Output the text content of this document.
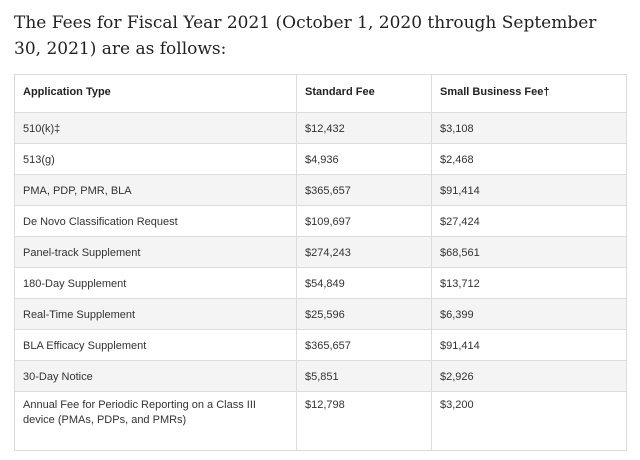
The Fees for Fiscal Year 2021 (October 1, 2020 through September 30, 2021) are as follows:

Application Type	Standard Fee	Small Business Fee†
510(k)‡	$12,432	$3,108
513(g)	$4,936	$2,468
PMA, PDP, PMR, BLA	$365,657	$91,414
De Novo Classification Request	$109,697	$27,424
Panel-track Supplement	$274,243	$68,561
180-Day Supplement	$54,849	$13,712
Real-Time Supplement	$25,596	$6,399
BLA Efficacy Supplement	$365,657	$91,414
30-Day Notice	$5,851	$2,926
Annual Fee for Periodic Reporting on a Class III device (PMAs, PDPs, and PMRs)	$12,798	$3,200
